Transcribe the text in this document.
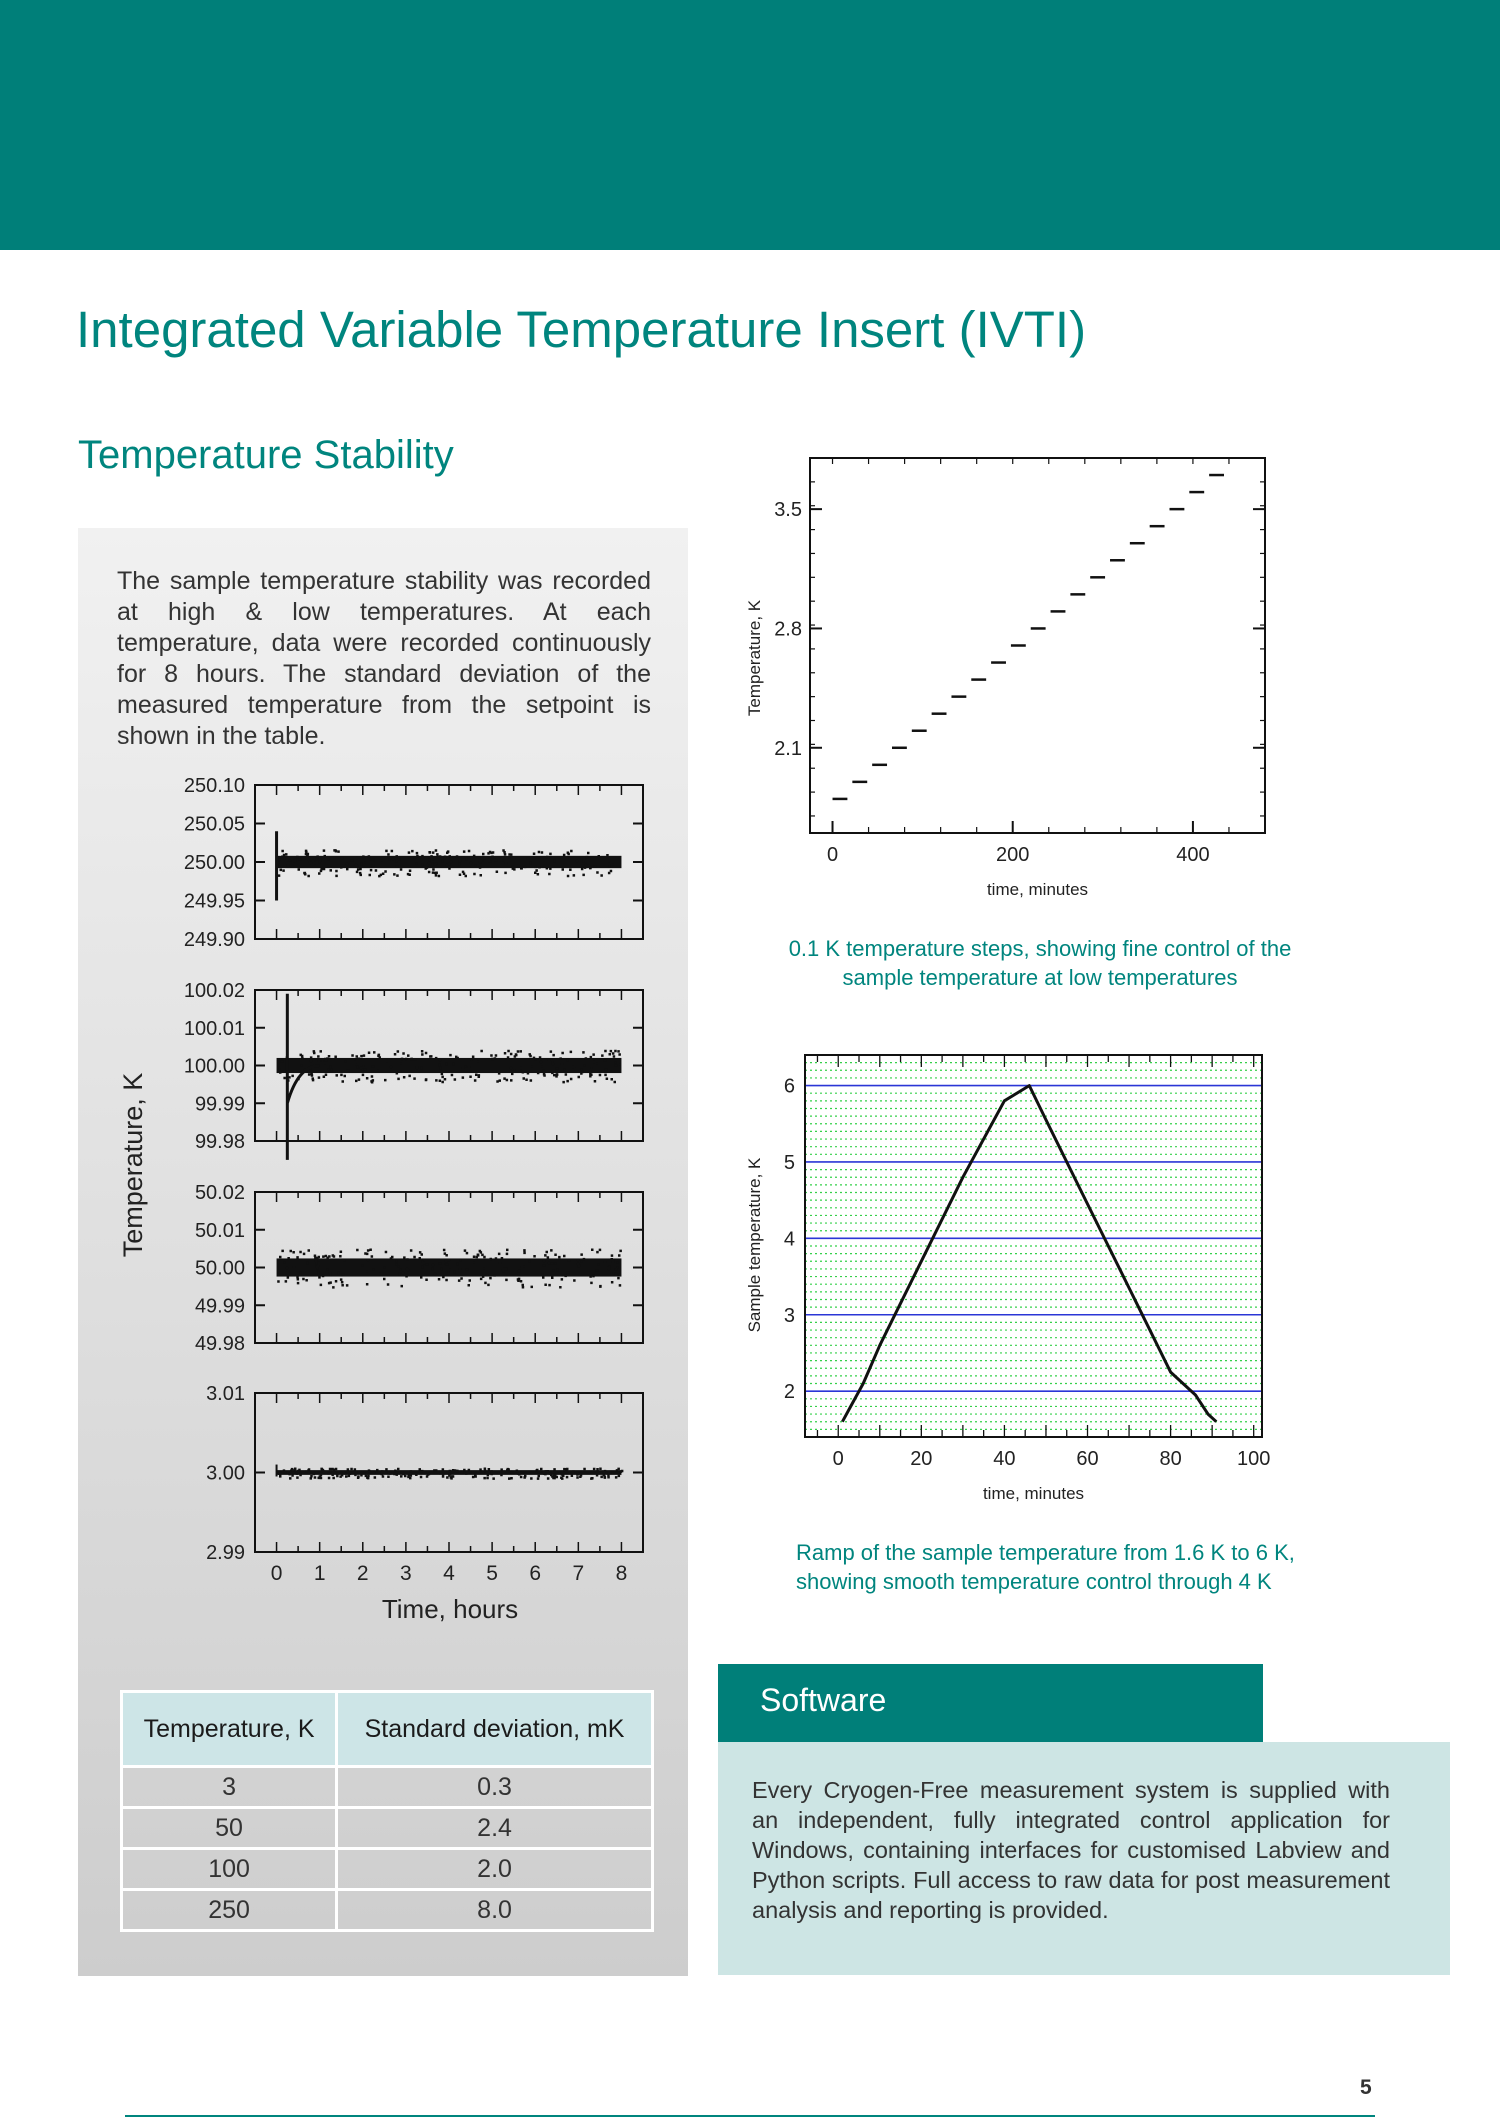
Integrated Variable Temperature Insert (IVTI)
Temperature Stability

The sample temperature stability was recorded at high & low temperatures. At each temperature, data were recorded continuously for 8 hours. The standard deviation of the measured temperature from the setpoint is shown in the table.

250.10
250.05
250.00
249.95
249.90
100.02
100.01
100.00
99.99
99.98
50.02
50.01
50.00
49.99
49.98
3.01
3.00
2.99
0 1 2 3 4 5 6 7 8
Time, hours
Temperature, K
Temperature, K	Standard deviation, mK
3	0.3
50	2.4
100	2.0
250	8.0
2.1
2.8
3.5
0	200	400
time, minutes
Temperature, K

0.1 K temperature steps, showing fine control of the sample temperature at low temperatures

2
3
4
5
6
0	20	40	60	80	100
time, minutes
Sample temperature, K

Ramp of the sample temperature from 1.6 K to 6 K, showing smooth temperature control through 4 K

Software

Every Cryogen-Free measurement system is supplied with an independent, fully integrated control application for Windows, containing interfaces for customised Labview and Python scripts. Full access to raw data for post measurement analysis and reporting is provided.

5
